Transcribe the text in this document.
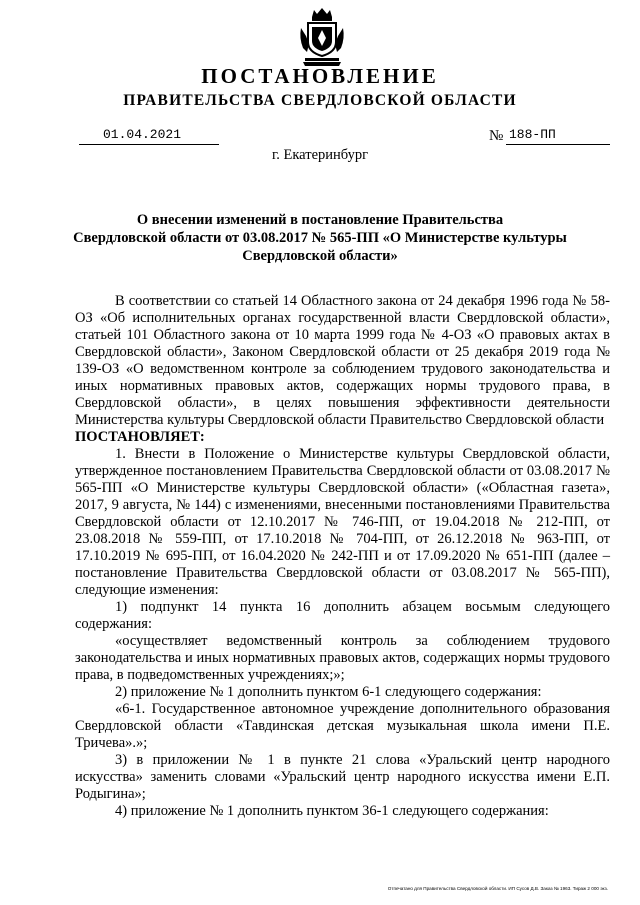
ПОСТАНОВЛЕНИЕ
ПРАВИТЕЛЬСТВА СВЕРДЛОВСКОЙ ОБЛАСТИ
01.04.2021	№ 188-ПП
г. Екатеринбург
О внесении изменений в постановление Правительства
Свердловской области от 03.08.2017 № 565-ПП «О Министерстве культуры
Свердловской области»

В соответствии со статьей 14 Областного закона от 24 декабря 1996 года № 58-ОЗ «Об исполнительных органах государственной власти Свердловской области», статьей 101 Областного закона от 10 марта 1999 года № 4-ОЗ «О правовых актах в Свердловской области», Законом Свердловской области от 25 декабря 2019 года № 139-ОЗ «О ведомственном контроле за соблюдением трудового законодательства и иных нормативных правовых актов, содержащих нормы трудового права, в Свердловской области», в целях повышения эффективности деятельности Министерства культуры Свердловской области Правительство Свердловской области

ПОСТАНОВЛЯЕТ:

1. Внести в Положение о Министерстве культуры Свердловской области, утвержденное постановлением Правительства Свердловской области от 03.08.2017 № 565-ПП «О Министерстве культуры Свердловской области» («Областная газета», 2017, 9 августа, № 144) с изменениями, внесенными постановлениями Правительства Свердловской области от 12.10.2017 № 746-ПП, от 19.04.2018 № 212-ПП, от 23.08.2018 № 559-ПП, от 17.10.2018 № 704-ПП, от 26.12.2018 № 963-ПП, от 17.10.2019 № 695-ПП, от 16.04.2020 № 242-ПП и от 17.09.2020 № 651-ПП (далее – постановление Правительства Свердловской области от 03.08.2017 № 565-ПП), следующие изменения:

1) подпункт 14 пункта 16 дополнить абзацем восьмым следующего содержания:

«осуществляет ведомственный контроль за соблюдением трудового законодательства и иных нормативных правовых актов, содержащих нормы трудового права, в подведомственных учреждениях;»;

2) приложение № 1 дополнить пунктом 6-1 следующего содержания:

«6-1. Государственное автономное учреждение дополнительного образования Свердловской области «Тавдинская детская музыкальная школа имени П.Е. Тричева».»;

3) в приложении № 1 в пункте 21 слова «Уральский центр народного искусства» заменить словами «Уральский центр народного искусства имени Е.П. Родыгина»;

4) приложение № 1 дополнить пунктом 36-1 следующего содержания:

Отпечатано для Правительства Свердловской области. ИП Сусов Д.В. Заказ № 1963. Тираж 2 000 экз.
